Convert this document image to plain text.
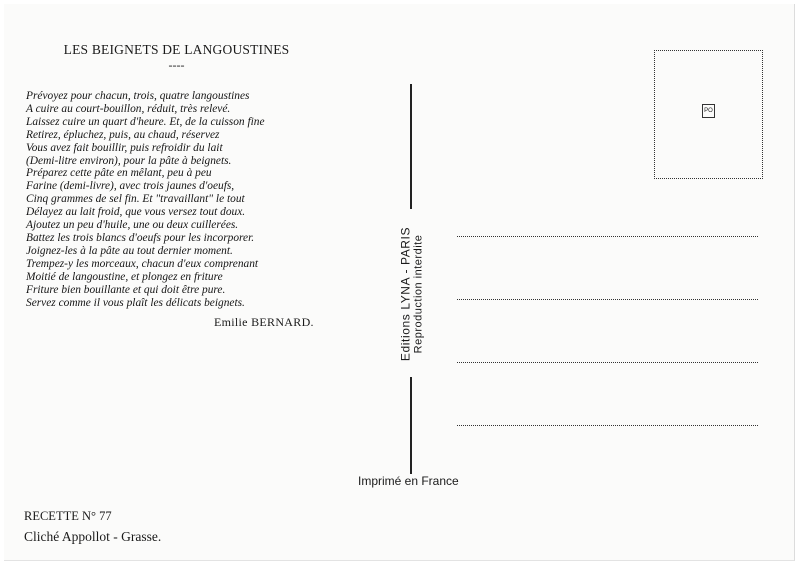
LES BEIGNETS DE LANGOUSTINES
----
Prévoyez pour chacun, trois, quatre langoustines
A cuire au court-bouillon, réduit, très relevé.
Laissez cuire un quart d'heure. Et, de la cuisson fine
Retirez, épluchez, puis, au chaud, réservez
Vous avez fait bouillir, puis refroidir du lait
(Demi-litre environ), pour la pâte à beignets.
Préparez cette pâte en mêlant, peu à peu
Farine (demi-livre), avec trois jaunes d'oeufs,
Cinq grammes de sel fin. Et "travaillant" le tout
Délayez au lait froid, que vous versez tout doux.
Ajoutez un peu d'huile, une ou deux cuillerées.
Battez les trois blancs d'oeufs pour les incorporer.
Joignez-les à la pâte au tout dernier moment.
Trempez-y les morceaux, chacun d'eux comprenant
Moitié de langoustine, et plongez en friture
Friture bien bouillante et qui doit être pure.
Servez comme il vous plaît les délicats beignets.
Emilie BERNARD.
RECETTE N° 77
Cliché Appollot - Grasse.
Editions LYNA - PARIS Reproduction interdite
Imprimé en France
PO
